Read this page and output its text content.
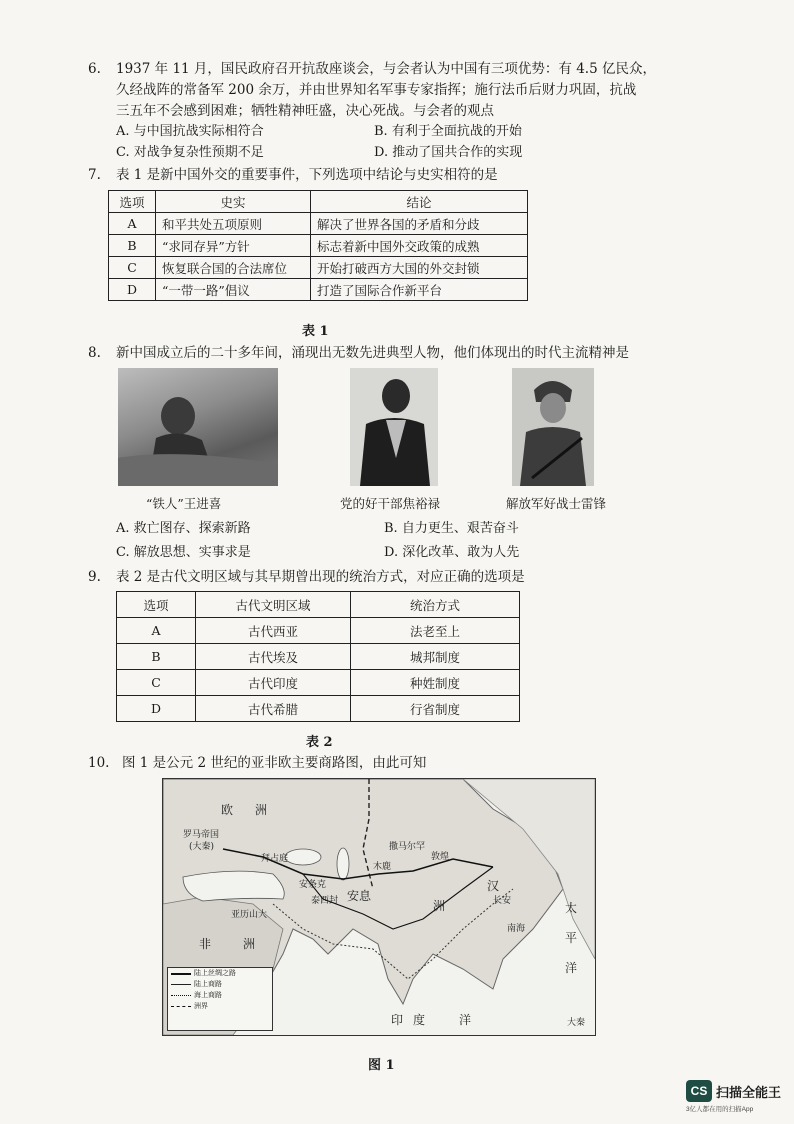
6. 1937 年 11 月，国民政府召开抗敌座谈会，与会者认为中国有三项优势：有 4.5 亿民众，
久经战阵的常备军 200 余万，并由世界知名军事专家指挥；施行法币后财力巩固，抗战
三五年不会感到困难；牺牲精神旺盛，决心死战。与会者的观点
A. 与中国抗战实际相符合	B. 有利于全面抗战的开始
C. 对战争复杂性预期不足	D. 推动了国共合作的实现
7. 表 1 是新中国外交的重要事件，下列选项中结论与史实相符的是
选项	史实	结论
A	和平共处五项原则	解决了世界各国的矛盾和分歧
B	“求同存异”方针	标志着新中国外交政策的成熟
C	恢复联合国的合法席位	开始打破西方大国的外交封锁
D	“一带一路”倡议	打造了国际合作新平台
表 1
8. 新中国成立后的二十多年间，涌现出无数先进典型人物，他们体现出的时代主流精神是
“铁人”王进喜	党的好干部焦裕禄	解放军好战士雷锋
A. 救亡图存、探索新路	B. 自力更生、艰苦奋斗
C. 解放思想、实事求是	D. 深化改革、敢为人先
9. 表 2 是古代文明区域与其早期曾出现的统治方式，对应正确的选项是
选项	古代文明区域	统治方式
A	古代西亚	法老至上
B	古代埃及	城邦制度
C	古代印度	种姓制度
D	古代希腊	行省制度
表 2
10. 图 1 是公元 2 世纪的亚非欧主要商路图，由此可知
欧 洲
罗马帝国
(大秦)
拜占庭
安条克
安息
泰西封
亚历山大
非	洲
木鹿
撒马尔罕
敦煌
汉
长安
南海
洲	太
平
洋
印 度	洋	大秦
陆上丝绸之路
陆上商路
海上商路
洲界
图 1
CS 扫描全能王
3亿人都在用的扫描App
